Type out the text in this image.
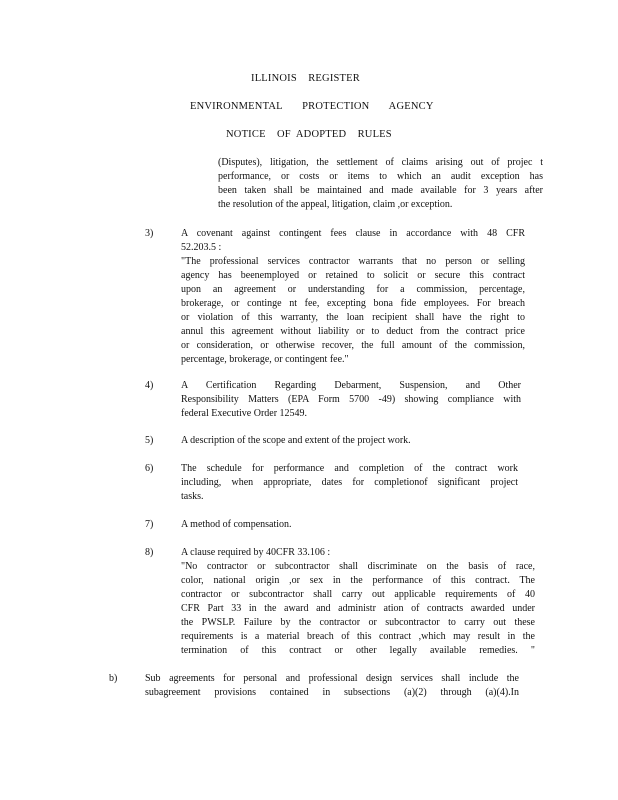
ILLINOIS    REGISTER
ENVIRONMENTAL       PROTECTION       AGENCY
NOTICE    OF  ADOPTED    RULES
(Disputes), litigation, the settlement of claims arising out of projec t
performance, or costs or items to which an audit exception has
been taken shall be maintained and made available for 3 years after
the resolution of the appeal, litigation, claim ,or exception.
3)	A covenant against contingent fees clause in accordance with 48 CFR
52.203.5 :
"The professional services contractor warrants that no person or selling
agency has beenemployed or retained to solicit or secure this contract
upon an agreement or understanding for a commission, percentage,
brokerage, or continge nt fee, excepting bona fide employees. For breach
or violation of this warranty, the loan recipient shall have the right to
annul this agreement without liability or to deduct from the contract price
or consideration, or otherwise recover, the full amount of the commission,
percentage, brokerage, or contingent fee."
4)	A Certification Regarding Debarment, Suspension, and Other
Responsibility Matters (EPA Form 5700 -49) showing compliance with
federal Executive Order 12549.
5)	A description of the scope and extent of the project work.
6)	The schedule for performance and completion of the contract work
including, when appropriate, dates for completionof significant project
tasks.
7)	A method of compensation.
8)	A clause required by 40CFR 33.106 :
"No contractor or subcontractor shall discriminate on the basis of race,
color, national origin ,or sex in the performance of this contract. The
contractor or subcontractor shall carry out applicable requirements of 40
CFR Part 33 in the award and administr ation of contracts awarded under
the PWSLP. Failure by the contractor or subcontractor to carry out these
requirements is a material breach of this contract ,which may result in the
termination of this contract or other legally available remedies. "
b)	Sub agreements for personal and professional design services shall include the
subagreement provisions contained in subsections (a)(2) through (a)(4).In
